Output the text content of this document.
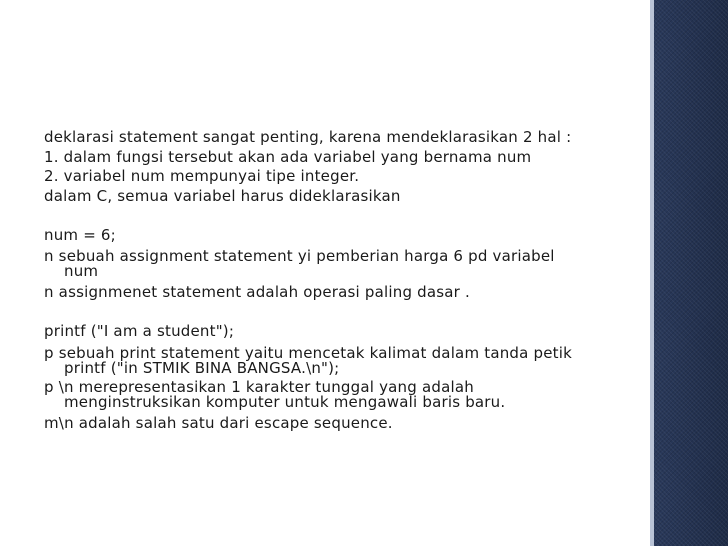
deklarasi statement sangat penting, karena mendeklarasikan 2 hal :
1. dalam fungsi tersebut akan ada variabel yang bernama num
2. variabel num mempunyai tipe integer.
dalam C, semua variabel harus dideklarasikan
num = 6;
n sebuah assignment statement yi pemberian harga 6 pd variabel
num
n assignmenet statement adalah operasi paling dasar .
printf ("I am a student");
p sebuah print statement yaitu mencetak kalimat dalam tanda petik
printf ("in STMIK BINA BANGSA.\n");
p \n merepresentasikan 1 karakter tunggal yang adalah
menginstruksikan komputer untuk mengawali baris baru.
m\n adalah salah satu dari escape sequence.
